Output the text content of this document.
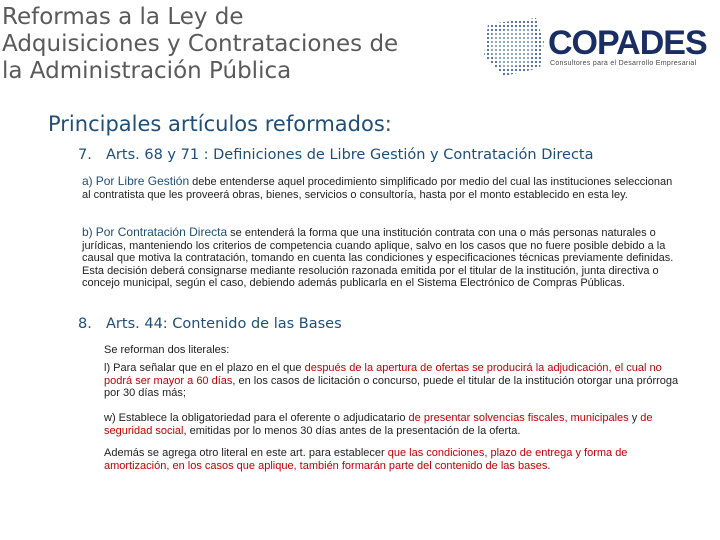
Reformas a la Ley de
Adquisiciones y Contrataciones de
la Administración Pública
COPADES
Consultores para el Desarrollo Empresarial
Principales artículos reformados:
7. Arts. 68 y 71 : Definiciones de Libre Gestión y Contratación Directa

a) Por Libre Gestión debe entenderse aquel procedimiento simplificado por medio del cual las instituciones seleccionan al contratista que les proveerá obras, bienes, servicios o consultoría, hasta por el monto establecido en esta ley.

b) Por Contratación Directa se entenderá la forma que una institución contrata con una o más personas naturales o jurídicas, manteniendo los criterios de competencia cuando aplique, salvo en los casos que no fuere posible debido a la causal que motiva la contratación, tomando en cuenta las condiciones y especificaciones técnicas previamente definidas. Esta decisión deberá consignarse mediante resolución razonada emitida por el titular de la institución, junta directiva o concejo municipal, según el caso, debiendo además publicarla en el Sistema Electrónico de Compras Públicas.

8. Arts. 44: Contenido de las Bases

Se reforman dos literales:

l) Para señalar que en el plazo en el que después de la apertura de ofertas se producirá la adjudicación, el cual no podrá ser mayor a 60 días, en los casos de licitación o concurso, puede el titular de la institución otorgar una prórroga por 30 días más;

w) Establece la obligatoriedad para el oferente o adjudicatario de presentar solvencias fiscales, municipales y de seguridad social, emitidas por lo menos 30 días antes de la presentación de la oferta.

Además se agrega otro literal en este art. para establecer que las condiciones, plazo de entrega y forma de amortización, en los casos que aplique, también formarán parte del contenido de las bases.
